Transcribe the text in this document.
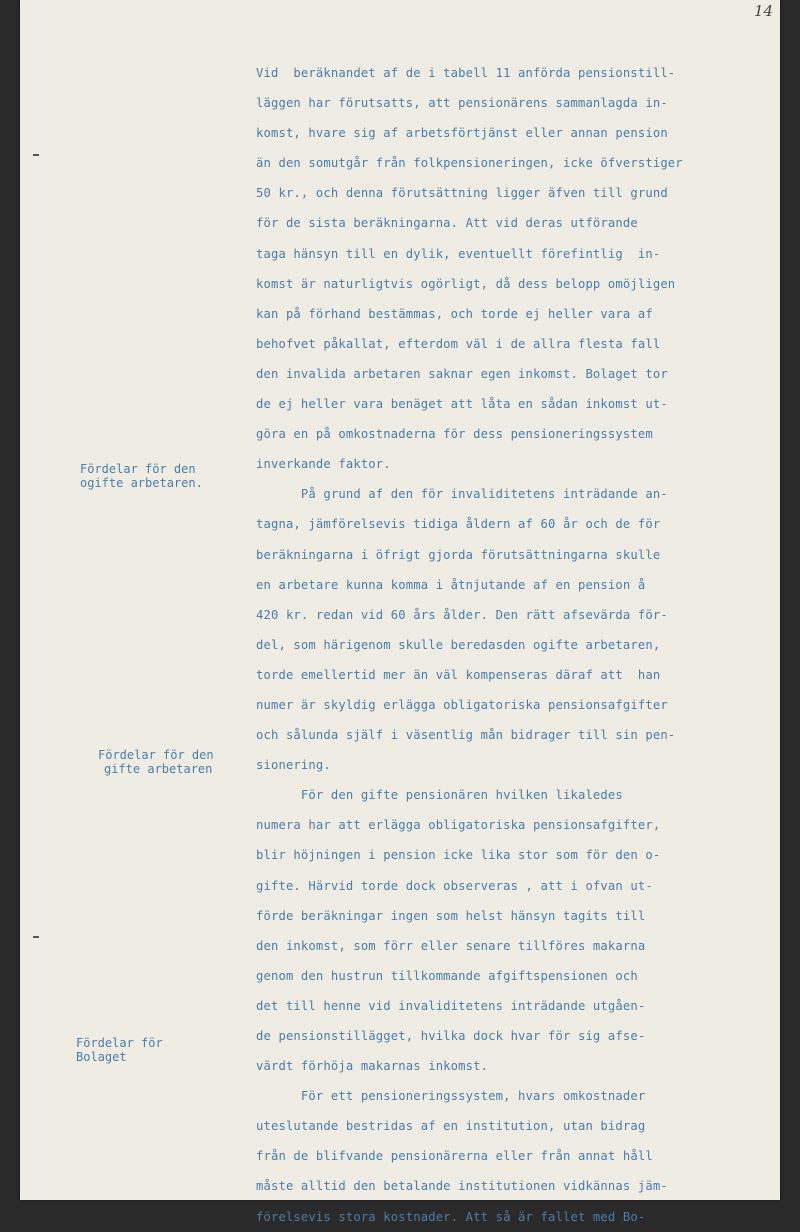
14
Fördelar för den
ogifte arbetaren.
Fördelar för den
gifte arbetaren
Fördelar för
Bolaget
Vid  beräknandet af de i tabell 11 anförda pensionstill-
läggen har förutsatts, att pensionärens sammanlagda in-
komst, hvare sig af arbetsförtjänst eller annan pension
än den somutgår från folkpensioneringen, icke öfverstiger
50 kr., och denna förutsättning ligger äfven till grund
för de sista beräkningarna. Att vid deras utförande
taga hänsyn till en dylik, eventuellt förefintlig  in-
komst är naturligtvis ogörligt, då dess belopp omöjligen
kan på förhand bestämmas, och torde ej heller vara af
behofvet påkallat, efterdom väl i de allra flesta fall
den invalida arbetaren saknar egen inkomst. Bolaget tor
de ej heller vara benäget att låta en sådan inkomst ut-
göra en på omkostnaderna för dess pensioneringssystem
inverkande faktor.
På grund af den för invaliditetens inträdande an-
tagna, jämförelsevis tidiga åldern af 60 år och de för
beräkningarna i öfrigt gjorda förutsättningarna skulle
en arbetare kunna komma i åtnjutande af en pension å
420 kr. redan vid 60 års ålder. Den rätt afsevärda för-
del, som härigenom skulle beredasden ogifte arbetaren,
torde emellertid mer än väl kompenseras däraf att  han
numer är skyldig erlägga obligatoriska pensionsafgifter
och sålunda själf i väsentlig mån bidrager till sin pen-
sionering.
För den gifte pensionären hvilken likaledes
numera har att erlägga obligatoriska pensionsafgifter,
blir höjningen i pension icke lika stor som för den o-
gifte. Härvid torde dock observeras , att i ofvan ut-
förde beräkningar ingen som helst hänsyn tagits till
den inkomst, som förr eller senare tillföres makarna
genom den hustrun tillkommande afgiftspensionen och
det till henne vid invaliditetens inträdande utgåen-
de pensionstillägget, hvilka dock hvar för sig afse-
värdt förhöja makarnas inkomst.
För ett pensioneringssystem, hvars omkostnader
uteslutande bestridas af en institution, utan bidrag
från de blifvande pensionärerna eller från annat håll
måste alltid den betalande institutionen vidkännas jäm-
förelsevis stora kostnader. Att så är fallet med Bo-
